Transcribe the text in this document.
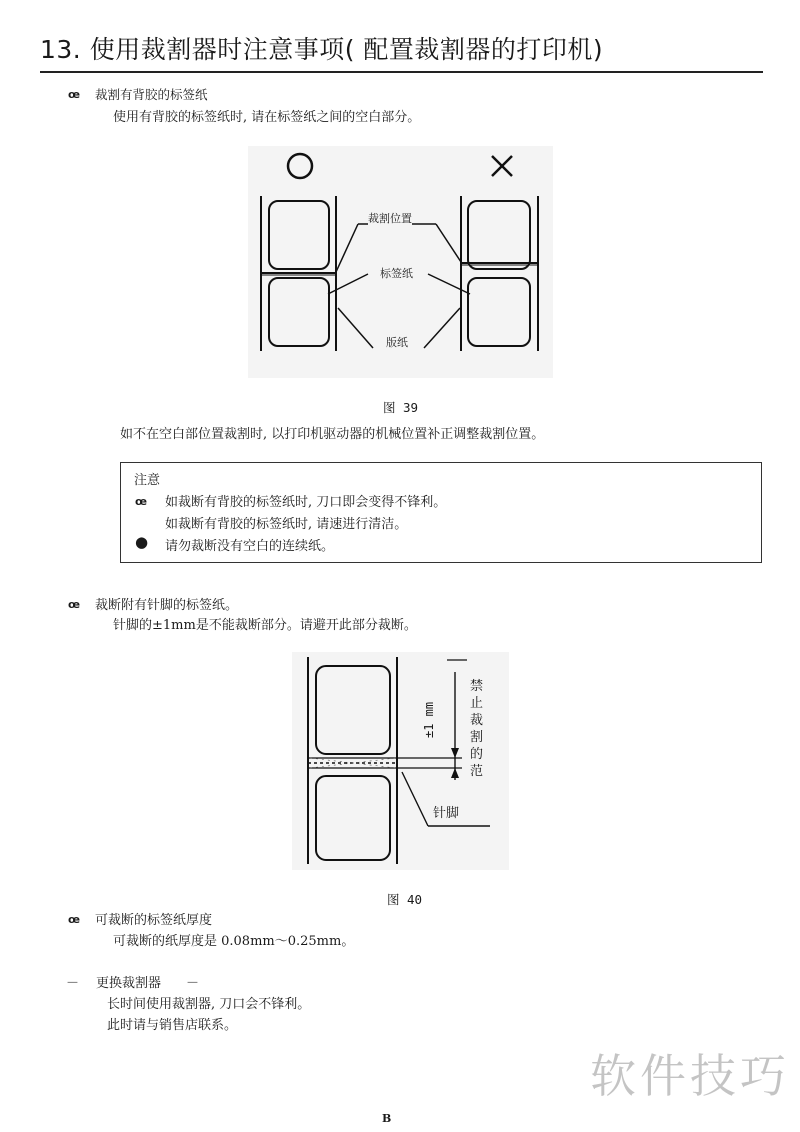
13. 使用裁割器时注意事项( 配置裁割器的打印机)
œ 裁割有背胶的标签纸
使用有背胶的标签纸时, 请在标签纸之间的空白部分。
裁割位置
标签纸
版纸
图 39
如不在空白部位置裁割时, 以打印机驱动器的机械位置补正调整裁割位置。
注意
œ 如裁断有背胶的标签纸时, 刀口即会变得不锋利。
如裁断有背胶的标签纸时, 请速进行清洁。
● 请勿裁断没有空白的连续纸。
œ 裁断附有针脚的标签纸。
针脚的±1mm是不能裁断部分。请避开此部分裁断。
±1 mm
禁
止
裁
割
的
范
针脚
图 40
œ 可裁断的标签纸厚度
可裁断的纸厚度是 0.08mm～0.25mm。
－ 更换裁割器 －
长时间使用裁割器, 刀口会不锋利。
此时请与销售店联系。
软件技巧
B
